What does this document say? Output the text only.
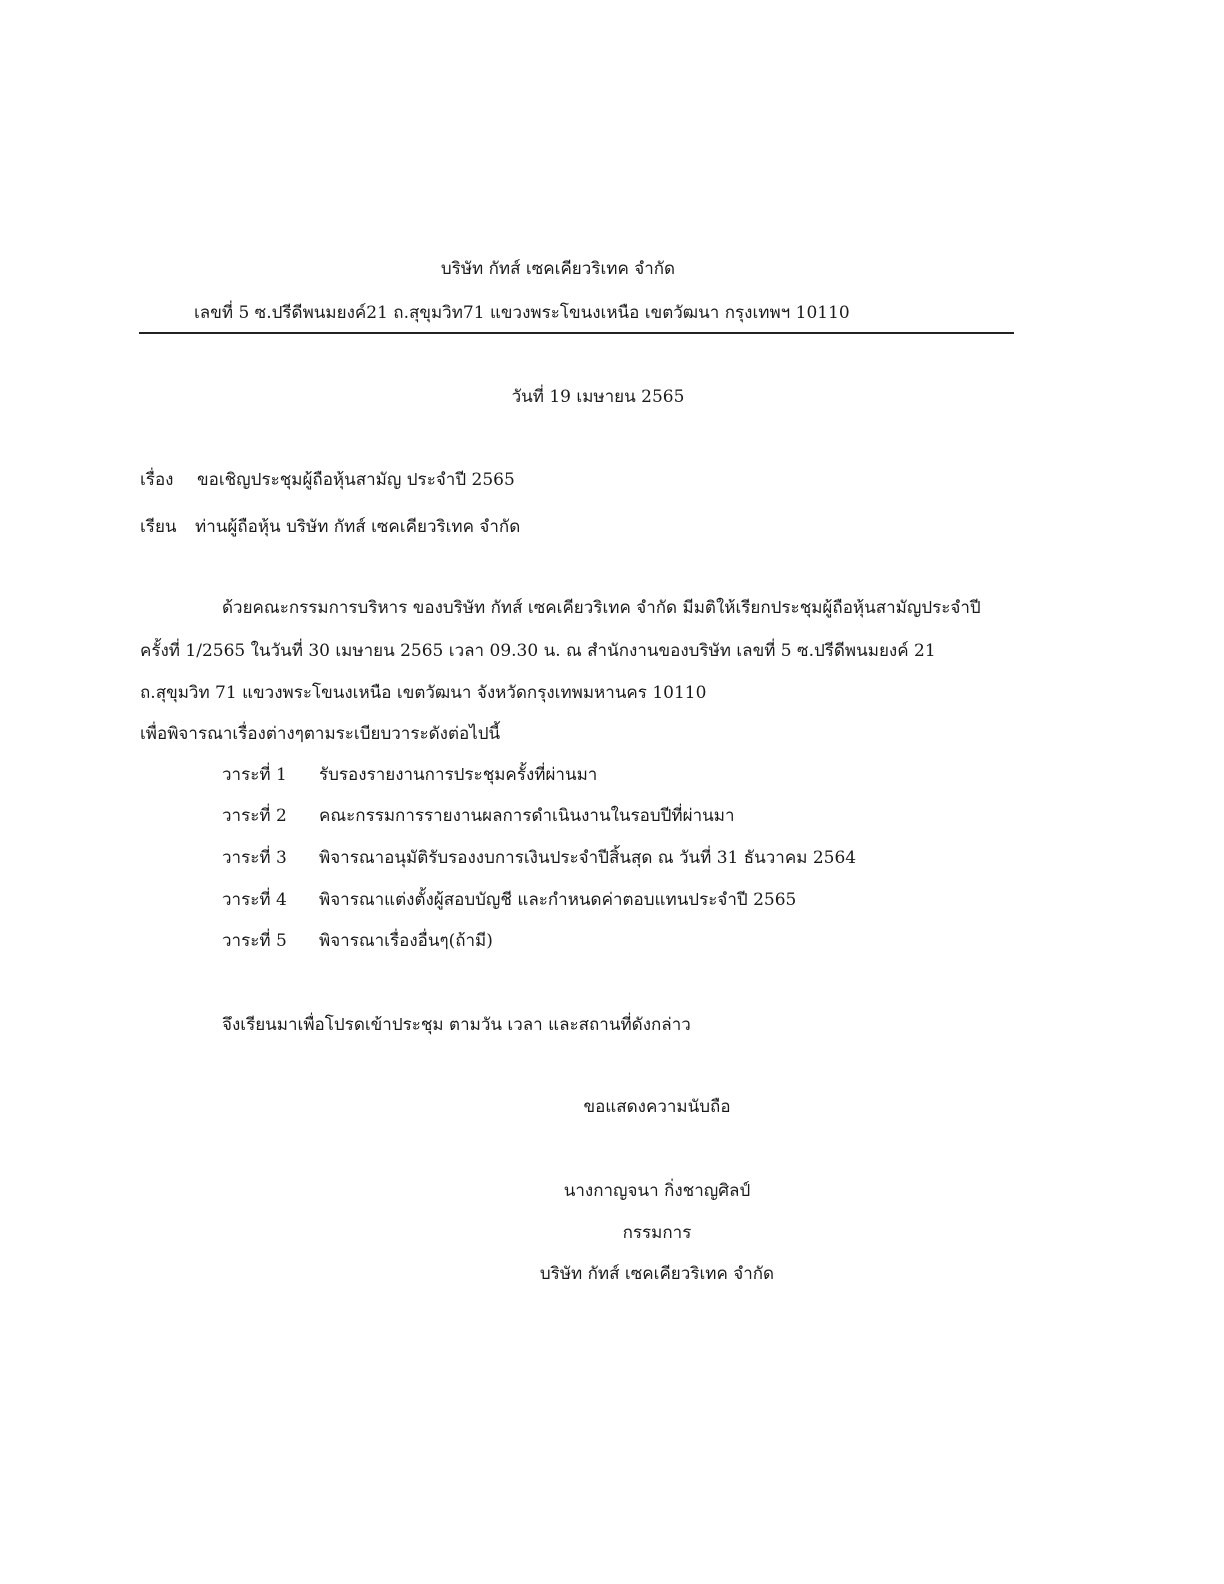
บริษัท กัทส์ เซคเคียวริเทค จำกัด
เลขที่ 5 ซ.ปรีดีพนมยงค์21 ถ.สุขุมวิท71 แขวงพระโขนงเหนือ เขตวัฒนา กรุงเทพฯ 10110
วันที่ 19 เมษายน 2565
เรื่อง ขอเชิญประชุมผู้ถือหุ้นสามัญ ประจำปี 2565
เรียน ท่านผู้ถือหุ้น บริษัท กัทส์ เซคเคียวริเทค จำกัด
ด้วยคณะกรรมการบริหาร ของบริษัท กัทส์ เซคเคียวริเทค จำกัด มีมติให้เรียกประชุมผู้ถือหุ้นสามัญประจำปี
ครั้งที่ 1/2565 ในวันที่ 30 เมษายน 2565 เวลา 09.30 น. ณ สำนักงานของบริษัท เลขที่ 5 ซ.ปรีดีพนมยงค์ 21
ถ.สุขุมวิท 71 แขวงพระโขนงเหนือ เขตวัฒนา จังหวัดกรุงเทพมหานคร 10110
เพื่อพิจารณาเรื่องต่างๆตามระเบียบวาระดังต่อไปนี้
วาระที่ 1 รับรองรายงานการประชุมครั้งที่ผ่านมา
วาระที่ 2 คณะกรรมการรายงานผลการดำเนินงานในรอบปีที่ผ่านมา
วาระที่ 3 พิจารณาอนุมัติรับรองงบการเงินประจำปีสิ้นสุด ณ วันที่ 31 ธันวาคม 2564
วาระที่ 4 พิจารณาแต่งตั้งผู้สอบบัญชี และกำหนดค่าตอบแทนประจำปี 2565
วาระที่ 5 พิจารณาเรื่องอื่นๆ(ถ้ามี)
จึงเรียนมาเพื่อโปรดเข้าประชุม ตามวัน เวลา และสถานที่ดังกล่าว
ขอแสดงความนับถือ
นางกาญจนา กิ่งชาญศิลป์
กรรมการ
บริษัท กัทส์ เซคเคียวริเทค จำกัด
